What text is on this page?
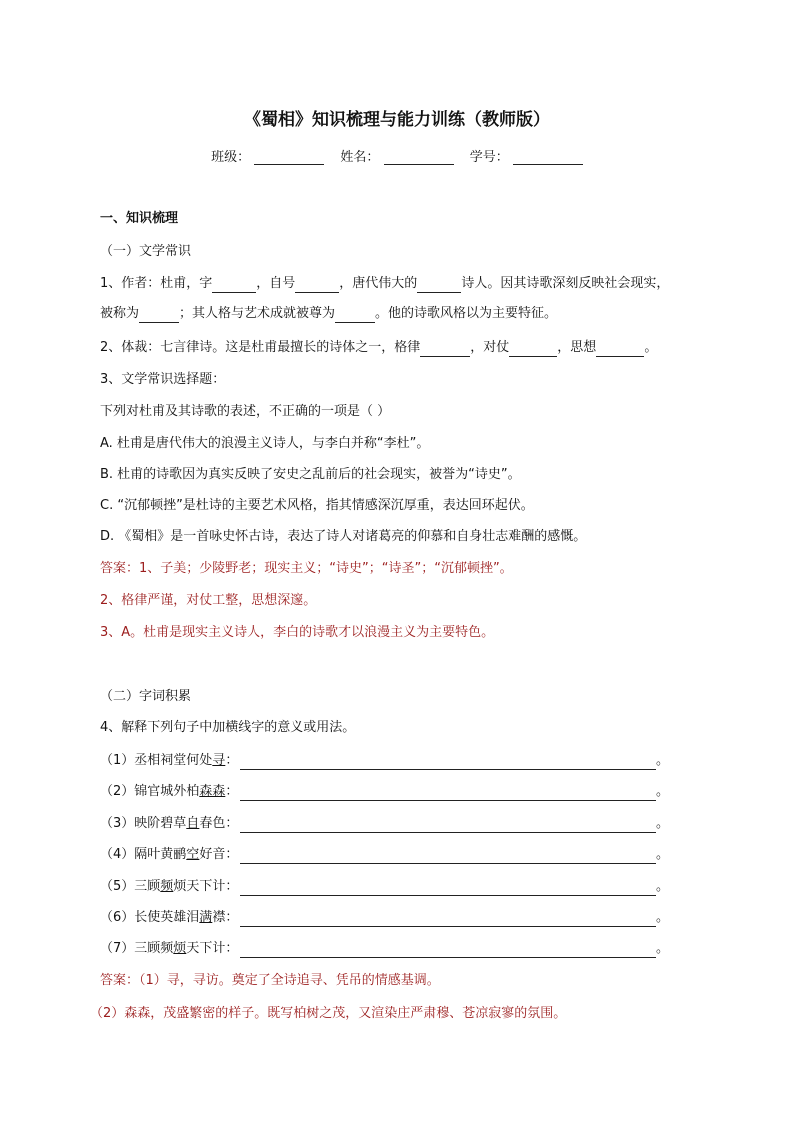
《蜀相》知识梳理与能力训练（教师版）
班级：	姓名：	学号：
一、知识梳理
（一）文学常识
1、作者：杜甫，字	，自号	，唐代伟大的	诗人。因其诗歌深刻反映社会现实，
被称为	；其人格与艺术成就被尊为	。他的诗歌风格以为主要特征。
2、体裁：七言律诗。这是杜甫最擅长的诗体之一，格律	，对仗	，思想	。
3、文学常识选择题：
下列对杜甫及其诗歌的表述，不正确的一项是（ ）
A. 杜甫是唐代伟大的浪漫主义诗人，与李白并称“李杜”。
B. 杜甫的诗歌因为真实反映了安史之乱前后的社会现实，被誉为“诗史”。
C. “沉郁顿挫”是杜诗的主要艺术风格，指其情感深沉厚重，表达回环起伏。
D. 《蜀相》是一首咏史怀古诗，表达了诗人对诸葛亮的仰慕和自身壮志难酬的感慨。
答案：1、子美；少陵野老；现实主义；“诗史”；“诗圣”；“沉郁顿挫”。
2、格律严谨，对仗工整，思想深邃。
3、A。杜甫是现实主义诗人，李白的诗歌才以浪漫主义为主要特色。
（二）字词积累
4、解释下列句子中加横线字的意义或用法。
（1）丞相祠堂何处寻：	。
（2）锦官城外柏森森：	。
（3）映阶碧草自春色：	。
（4）隔叶黄鹂空好音：	。
（5）三顾频烦天下计：	。
（6）长使英雄泪满襟：	。
（7）三顾频烦天下计：	。
答案：（1）寻，寻访。奠定了全诗追寻、凭吊的情感基调。
（2）森森，茂盛繁密的样子。既写柏树之茂，又渲染庄严肃穆、苍凉寂寥的氛围。
